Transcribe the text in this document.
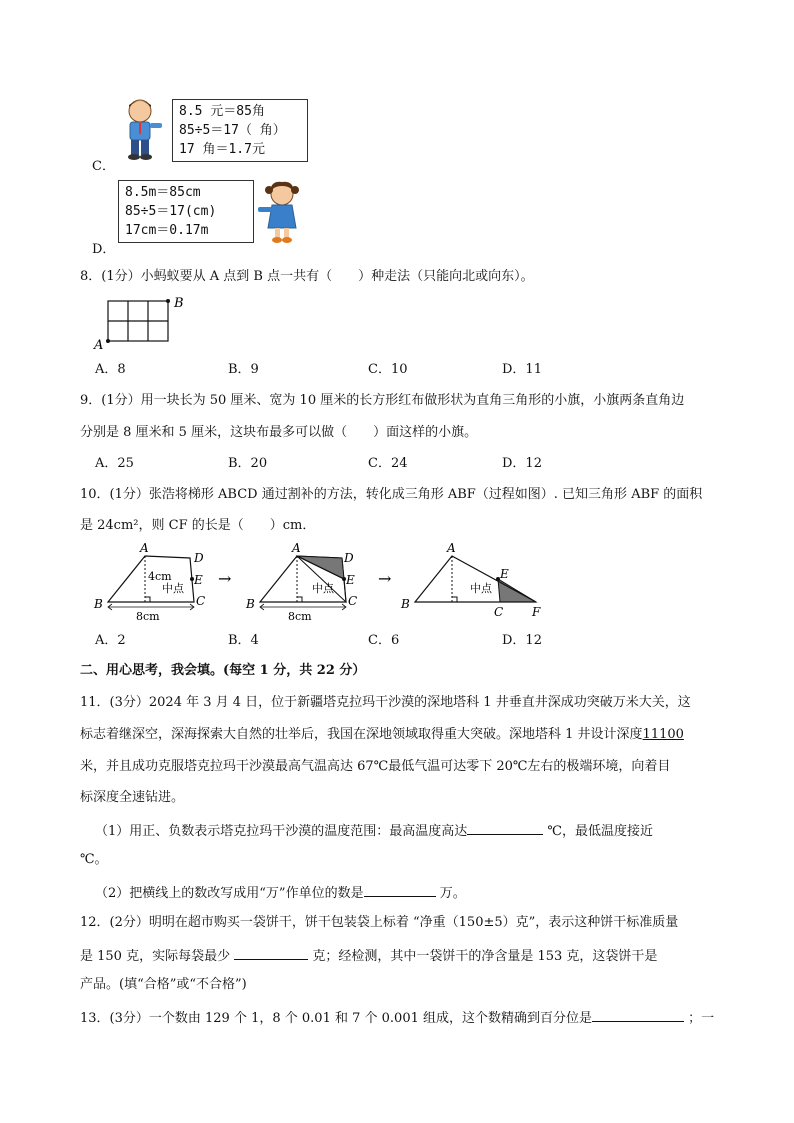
C．
8.5 元＝85角
85÷5＝17（ 角）
17 角＝1.7元
D．
8.5m＝85cm
85÷5＝17(cm)
17cm＝0.17m
8．(1分）小蚂蚁要从 A 点到 B 点一共有（　　）种走法（只能向北或向东）。
A
B
A．8	B．9	C．10	D．11
9．(1分）用一块长为 50 厘米、宽为 10 厘米的长方形红布做形状为直角三角形的小旗，小旗两条直角边
分别是 8 厘米和 5 厘米，这块布最多可以做（　　）面这样的小旗。
A．25	B．20	C．24	D．12
10．(1分）张浩将梯形 ABCD 通过割补的方法，转化成三角形 ABF（过程如图）. 已知三角形 ABF 的面积
是 24cm²，则 CF 的长是（　　）cm．
A
D
E
C
B
4cm
中点
8cm
→
A
D
E
C
B
中点
8cm
→
A
E
C F
B
中点
A．2	B．4	C．6	D．12
二、用心思考，我会填。(每空 1 分，共 22 分）
11．(3分）2024 年 3 月 4 日，位于新疆塔克拉玛干沙漠的深地塔科 1 井垂直井深成功突破万米大关，这
标志着继深空，深海探索大自然的壮举后，我国在深地领域取得重大突破。深地塔科 1 井设计深度11100
米，并且成功克服塔克拉玛干沙漠最高气温高达 67℃最低气温可达零下 20℃左右的极端环境，向着目
标深度全速钻进。
（1）用正、负数表示塔克拉玛干沙漠的温度范围：最高温度高达	℃，最低温度接近
℃。
（2）把横线上的数改写成用“万”作单位的数是	万。
12．(2分）明明在超市购买一袋饼干，饼干包装袋上标着 “净重（150±5）克”，表示这种饼干标准质量
是 150 克，实际每袋最少	克；经检测，其中一袋饼干的净含量是 153 克，这袋饼干是
产品。(填“合格”或“不合格”)
13．(3分）一个数由 129 个 1，8 个 0.01 和 7 个 0.001 组成，这个数精确到百分位是	；一
